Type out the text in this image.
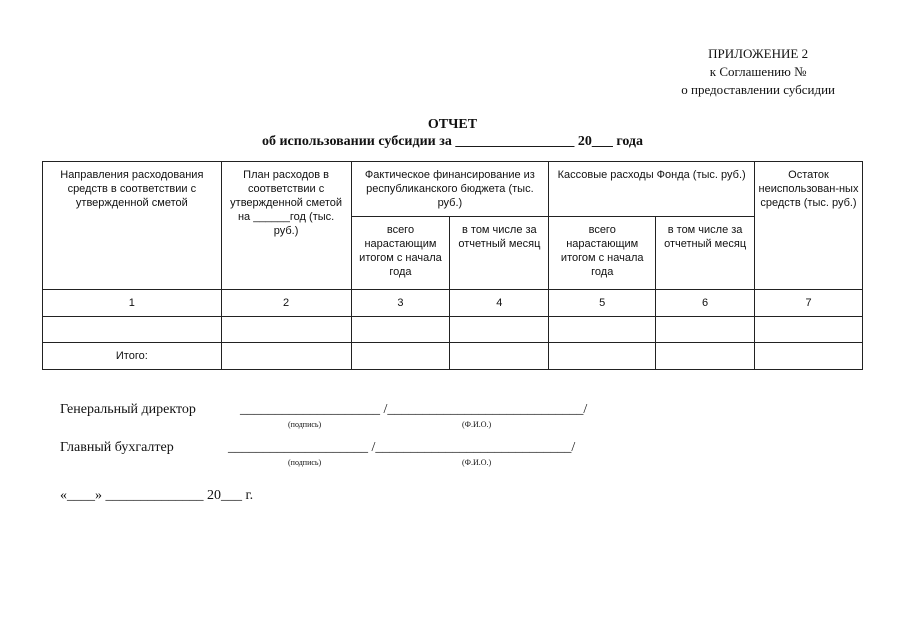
ПРИЛОЖЕНИЕ 2
к Соглашению №
о предоставлении субсидии
ОТЧЕТ
об использовании субсидии за _________________ 20___ года
Направления расходования средств в соответствии с утвержденной сметой	План расходов в соответствии с утвержденной сметой на ______год (тыс. руб.)	Фактическое финансирование из республиканского бюджета (тыс. руб.)		Кассовые расходы Фонда (тыс. руб.)		Остаток неиспользован-ных средств (тыс. руб.)
		всего нарастающим итогом с начала года	в том числе за отчетный месяц	всего нарастающим итогом с начала года	в том числе за отчетный месяц	
1	2	3	4	5	6	7

Итого:						
Генеральный директор	____________________ /____________________________/
(подпись)	(Ф.И.О.)
Главный бухгалтер	____________________ /____________________________/
(подпись)	(Ф.И.О.)
«____» ______________ 20___ г.
